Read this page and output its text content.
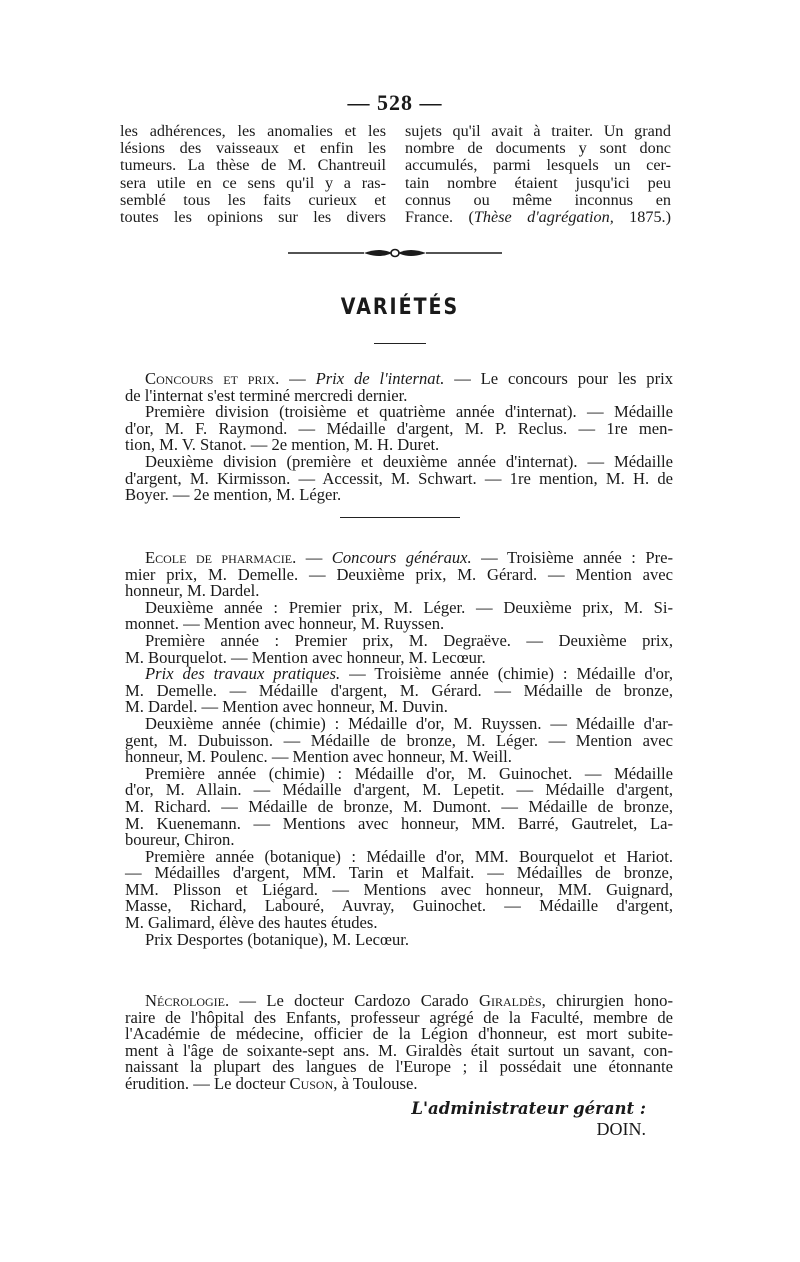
— 528 —
les adhérences, les anomalies et les
lésions des vaisseaux et enfin les
tumeurs. La thèse de M. Chantreuil
sera utile en ce sens qu'il y a ras-
semblé tous les faits curieux et
toutes les opinions sur les divers
sujets qu'il avait à traiter. Un grand
nombre de documents y sont donc
accumulés, parmi lesquels un cer-
tain nombre étaient jusqu'ici peu
connus ou même inconnus en
France. (Thèse d'agrégation, 1875.)
VARIÉTÉS
Concours et prix. — Prix de l'internat. — Le concours pour les prix
de l'internat s'est terminé mercredi dernier.
Première division (troisième et quatrième année d'internat). — Médaille
d'or, M. F. Raymond. — Médaille d'argent, M. P. Reclus. — 1re men-
tion, M. V. Stanot. — 2e mention, M. H. Duret.
Deuxième division (première et deuxième année d'internat). — Médaille
d'argent, M. Kirmisson. — Accessit, M. Schwart. — 1re mention, M. H. de
Boyer. — 2e mention, M. Léger.
Ecole de pharmacie. — Concours généraux. — Troisième année : Pre-
mier prix, M. Demelle. — Deuxième prix, M. Gérard. — Mention avec
honneur, M. Dardel.
Deuxième année : Premier prix, M. Léger. — Deuxième prix, M. Si-
monnet. — Mention avec honneur, M. Ruyssen.
Première année : Premier prix, M. Degraëve. — Deuxième prix,
M. Bourquelot. — Mention avec honneur, M. Lecœur.
Prix des travaux pratiques. — Troisième année (chimie) : Médaille d'or,
M. Demelle. — Médaille d'argent, M. Gérard. — Médaille de bronze,
M. Dardel. — Mention avec honneur, M. Duvin.
Deuxième année (chimie) : Médaille d'or, M. Ruyssen. — Médaille d'ar-
gent, M. Dubuisson. — Médaille de bronze, M. Léger. — Mention avec
honneur, M. Poulenc. — Mention avec honneur, M. Weill.
Première année (chimie) : Médaille d'or, M. Guinochet. — Médaille
d'or, M. Allain. — Médaille d'argent, M. Lepetit. — Médaille d'argent,
M. Richard. — Médaille de bronze, M. Dumont. — Médaille de bronze,
M. Kuenemann. — Mentions avec honneur, MM. Barré, Gautrelet, La-
boureur, Chiron.
Première année (botanique) : Médaille d'or, MM. Bourquelot et Hariot.
— Médailles d'argent, MM. Tarin et Malfait. — Médailles de bronze,
MM. Plisson et Liégard. — Mentions avec honneur, MM. Guignard,
Masse, Richard, Labouré, Auvray, Guinochet. — Médaille d'argent,
M. Galimard, élève des hautes études.
Prix Desportes (botanique), M. Lecœur.
Nécrologie. — Le docteur Cardozo Carado Giraldès, chirurgien hono-
raire de l'hôpital des Enfants, professeur agrégé de la Faculté, membre de
l'Académie de médecine, officier de la Légion d'honneur, est mort subite-
ment à l'âge de soixante-sept ans. M. Giraldès était surtout un savant, con-
naissant la plupart des langues de l'Europe ; il possédait une étonnante
érudition. — Le docteur Cuson, à Toulouse.
L'administrateur gérant : DOIN.
